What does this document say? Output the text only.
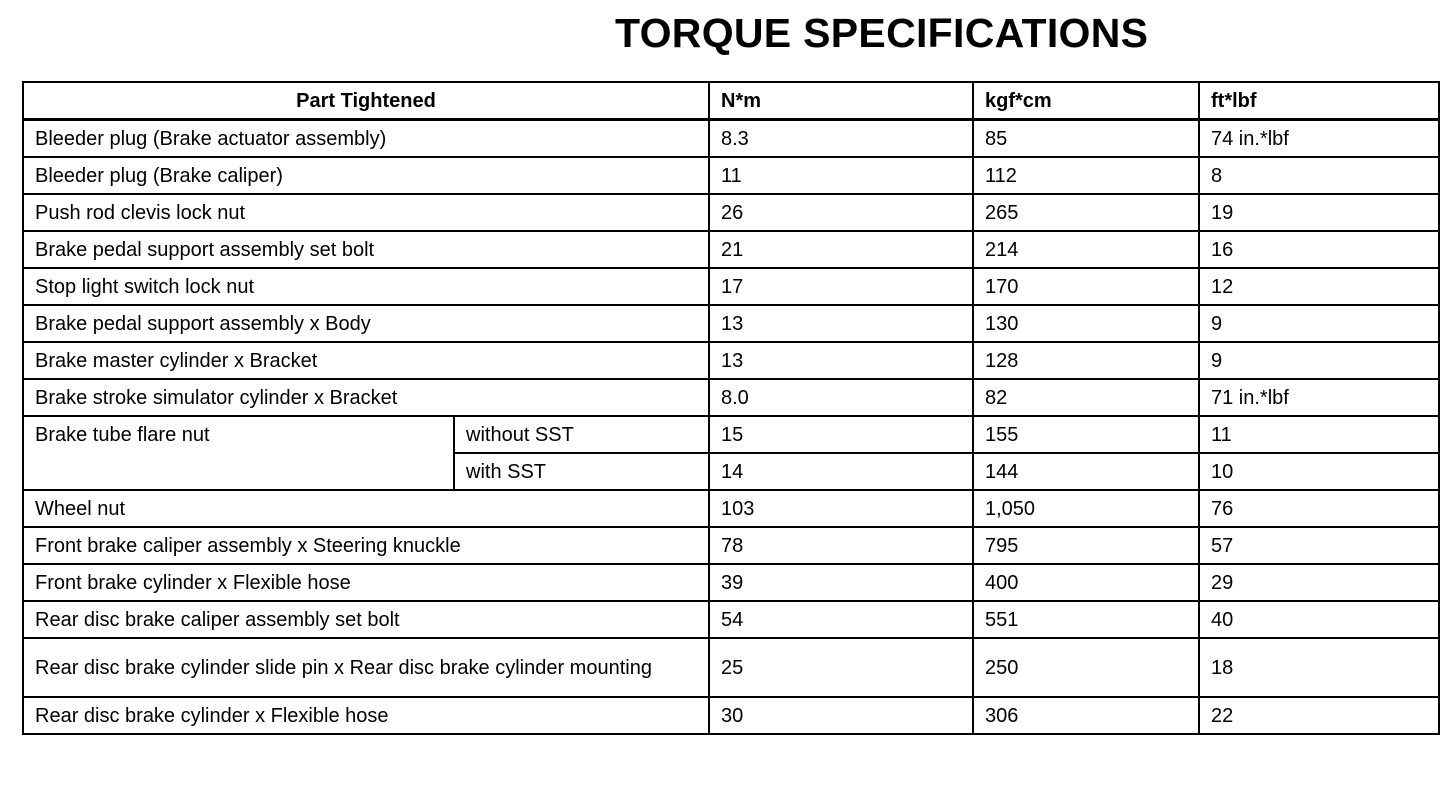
TORQUE SPECIFICATIONS
Part Tightened		N*m	kgf*cm	ft*lbf
Bleeder plug (Brake actuator assembly)		8.3	85	74 in.*lbf
Bleeder plug (Brake caliper)		11	112	8
Push rod clevis lock nut		26	265	19
Brake pedal support assembly set bolt		21	214	16
Stop light switch lock nut		17	170	12
Brake pedal support assembly x Body		13	130	9
Brake master cylinder x Bracket		13	128	9
Brake stroke simulator cylinder x Bracket		8.0	82	71 in.*lbf
Brake tube flare nut	without SST	15	155	11
	with SST	14	144	10
Wheel nut		103	1,050	76
Front brake caliper assembly x Steering knuckle		78	795	57
Front brake cylinder x Flexible hose		39	400	29
Rear disc brake caliper assembly set bolt		54	551	40
Rear disc brake cylinder slide pin x Rear disc brake cylinder mounting		25	250	18
Rear disc brake cylinder x Flexible hose		30	306	22
